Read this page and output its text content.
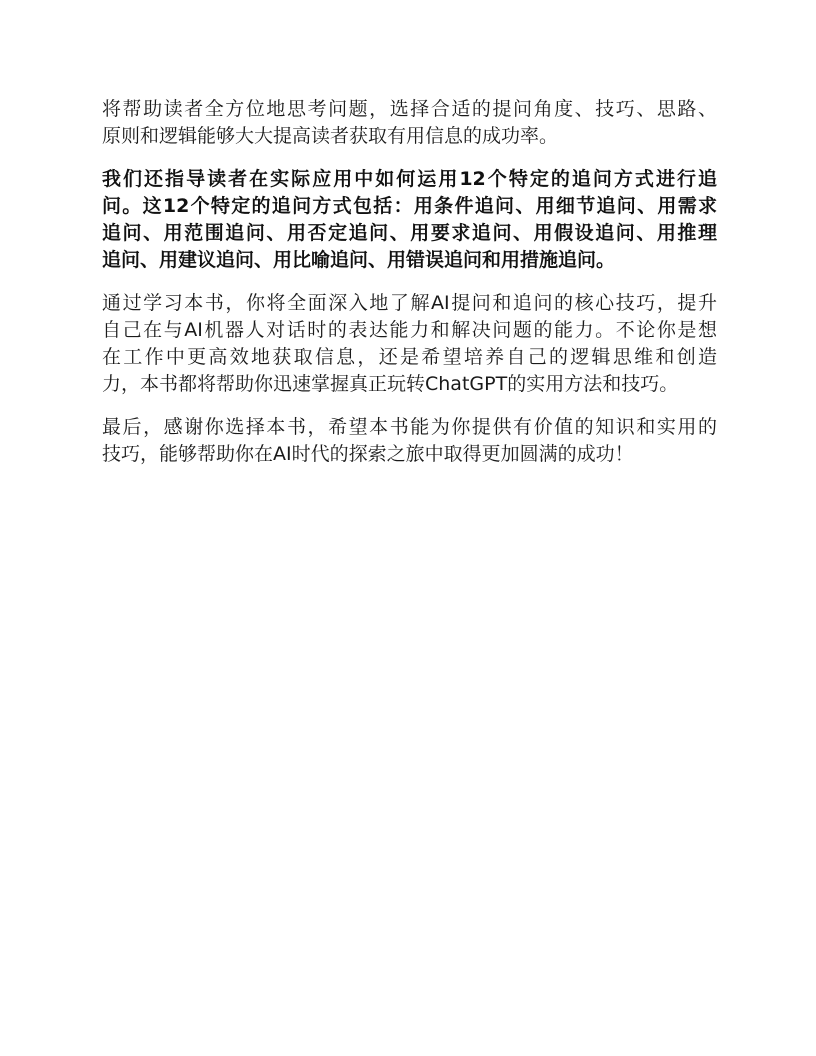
将帮助读者全方位地思考问题，选择合适的提问角度、技巧、思路、
原则和逻辑能够大大提高读者获取有用信息的成功率。

我们还指导读者在实际应用中如何运用12个特定的追问方式进行追
问。这12个特定的追问方式包括：用条件追问、用细节追问、用需求
追问、用范围追问、用否定追问、用要求追问、用假设追问、用推理
追问、用建议追问、用比喻追问、用错误追问和用措施追问。

通过学习本书，你将全面深入地了解AI提问和追问的核心技巧，提升
自己在与AI机器人对话时的表达能力和解决问题的能力。不论你是想
在工作中更高效地获取信息，还是希望培养自己的逻辑思维和创造
力，本书都将帮助你迅速掌握真正玩转ChatGPT的实用方法和技巧。

最后，感谢你选择本书，希望本书能为你提供有价值的知识和实用的
技巧，能够帮助你在AI时代的探索之旅中取得更加圆满的成功！
